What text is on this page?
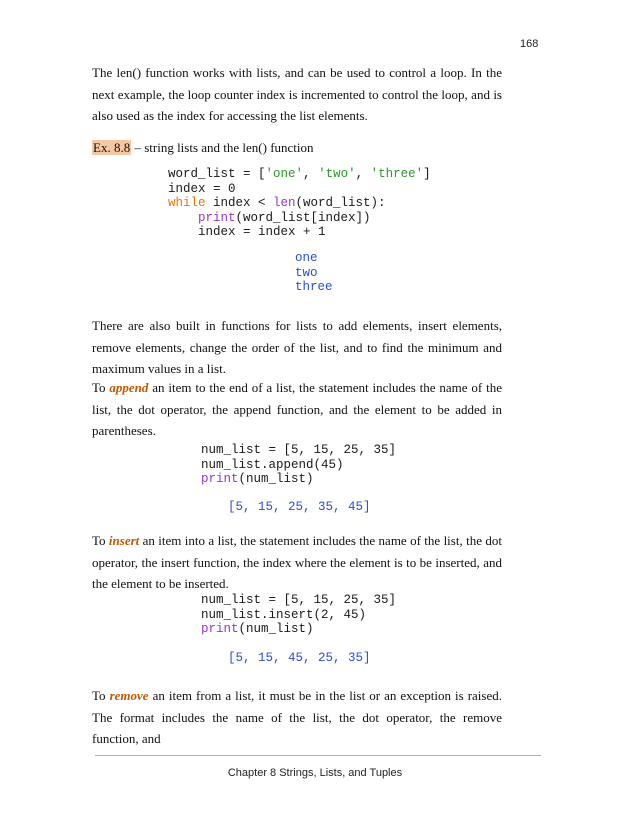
168

The len() function works with lists, and can be used to control a loop. In the next example, the loop counter index is incremented to control the loop, and is also used as the index for accessing the list elements.

Ex. 8.8 – string lists and the len() function

word_list = ['one', 'two', 'three']
index = 0
while index < len(word_list):
print(word_list[index])
index = index + 1
one
two
three

There are also built in functions for lists to add elements, insert elements, remove elements, change the order of the list, and to find the minimum and maximum values in a list.

To append an item to the end of a list, the statement includes the name of the list, the dot operator, the append function, and the element to be added in parentheses.

num_list = [5, 15, 25, 35]
num_list.append(45)
print(num_list)
[5, 15, 25, 35, 45]

To insert an item into a list, the statement includes the name of the list, the dot operator, the insert function, the index where the element is to be inserted, and the element to be inserted.

num_list = [5, 15, 25, 35]
num_list.insert(2, 45)
print(num_list)
[5, 15, 45, 25, 35]

To remove an item from a list, it must be in the list or an exception is raised. The format includes the name of the list, the dot operator, the remove function, and

Chapter 8 Strings, Lists, and Tuples
